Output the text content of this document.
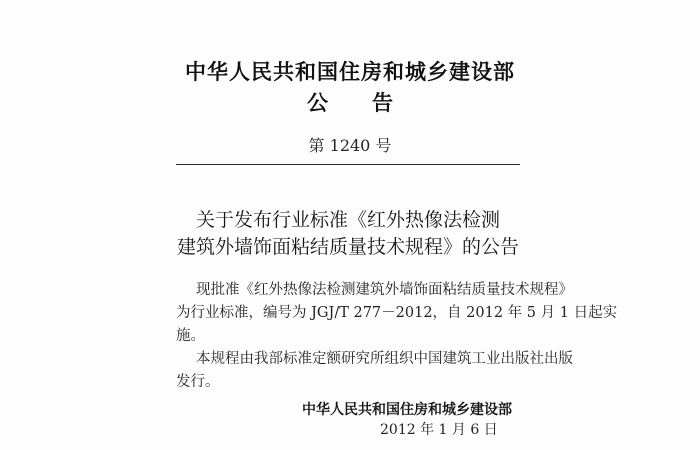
中华人民共和国住房和城乡建设部
公 告
第 1240 号
关于发布行业标准《红外热像法检测
建筑外墙饰面粘结质量技术规程》的公告
现批准《红外热像法检测建筑外墙饰面粘结质量技术规程》
为行业标准，编号为 JGJ/T 277－2012，自 2012 年 5 月 1 日起实
施。
本规程由我部标准定额研究所组织中国建筑工业出版社出版
发行。
中华人民共和国住房和城乡建设部
2012 年 1 月 6 日
